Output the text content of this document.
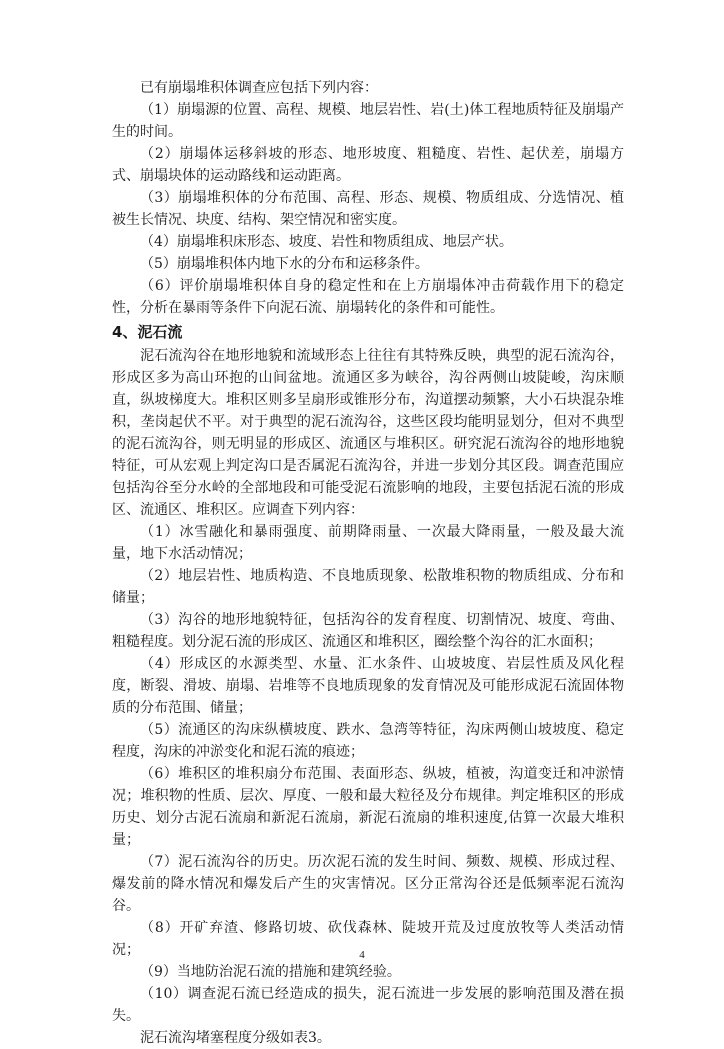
已有崩塌堆积体调查应包括下列内容：

（1）崩塌源的位置、高程、规模、地层岩性、岩(土)体工程地质特征及崩塌产生的时间。

（2）崩塌体运移斜坡的形态、地形坡度、粗糙度、岩性、起伏差，崩塌方式、崩塌块体的运动路线和运动距离。

（3）崩塌堆积体的分布范围、高程、形态、规模、物质组成、分选情况、植被生长情况、块度、结构、架空情况和密实度。

（4）崩塌堆积床形态、坡度、岩性和物质组成、地层产状。

（5）崩塌堆积体内地下水的分布和运移条件。

（6）评价崩塌堆积体自身的稳定性和在上方崩塌体冲击荷载作用下的稳定性，分析在暴雨等条件下向泥石流、崩塌转化的条件和可能性。

4、泥石流

泥石流沟谷在地形地貌和流域形态上往往有其特殊反映，典型的泥石流沟谷，形成区多为高山环抱的山间盆地。流通区多为峡谷，沟谷两侧山坡陡峻，沟床顺直，纵坡梯度大。堆积区则多呈扇形或锥形分布，沟道摆动频繁，大小石块混杂堆积，垄岗起伏不平。对于典型的泥石流沟谷，这些区段均能明显划分，但对不典型的泥石流沟谷，则无明显的形成区、流通区与堆积区。研究泥石流沟谷的地形地貌特征，可从宏观上判定沟口是否属泥石流沟谷，并进一步划分其区段。调查范围应包括沟谷至分水岭的全部地段和可能受泥石流影响的地段，主要包括泥石流的形成区、流通区、堆积区。应调查下列内容：

（1）冰雪融化和暴雨强度、前期降雨量、一次最大降雨量，一般及最大流量，地下水活动情况；

（2）地层岩性、地质构造、不良地质现象、松散堆积物的物质组成、分布和储量；

（3）沟谷的地形地貌特征，包括沟谷的发育程度、切割情况、坡度、弯曲、粗糙程度。划分泥石流的形成区、流通区和堆积区，圈绘整个沟谷的汇水面积；

（4）形成区的水源类型、水量、汇水条件、山坡坡度、岩层性质及风化程度，断裂、滑坡、崩塌、岩堆等不良地质现象的发育情况及可能形成泥石流固体物质的分布范围、储量；

（5）流通区的沟床纵横坡度、跌水、急湾等特征，沟床两侧山坡坡度、稳定程度，沟床的冲淤变化和泥石流的痕迹；

（6）堆积区的堆积扇分布范围、表面形态、纵坡，植被，沟道变迁和冲淤情况；堆积物的性质、层次、厚度、一般和最大粒径及分布规律。判定堆积区的形成历史、划分古泥石流扇和新泥石流扇，新泥石流扇的堆积速度,估算一次最大堆积量；

（7）泥石流沟谷的历史。历次泥石流的发生时间、频数、规模、形成过程、爆发前的降水情况和爆发后产生的灾害情况。区分正常沟谷还是低频率泥石流沟谷。

（8）开矿弃渣、修路切坡、砍伐森林、陡坡开荒及过度放牧等人类活动情况；

（9）当地防治泥石流的措施和建筑经验。

（10）调查泥石流已经造成的损失，泥石流进一步发展的影响范围及潜在损失。

泥石流沟堵塞程度分级如表3。

4
